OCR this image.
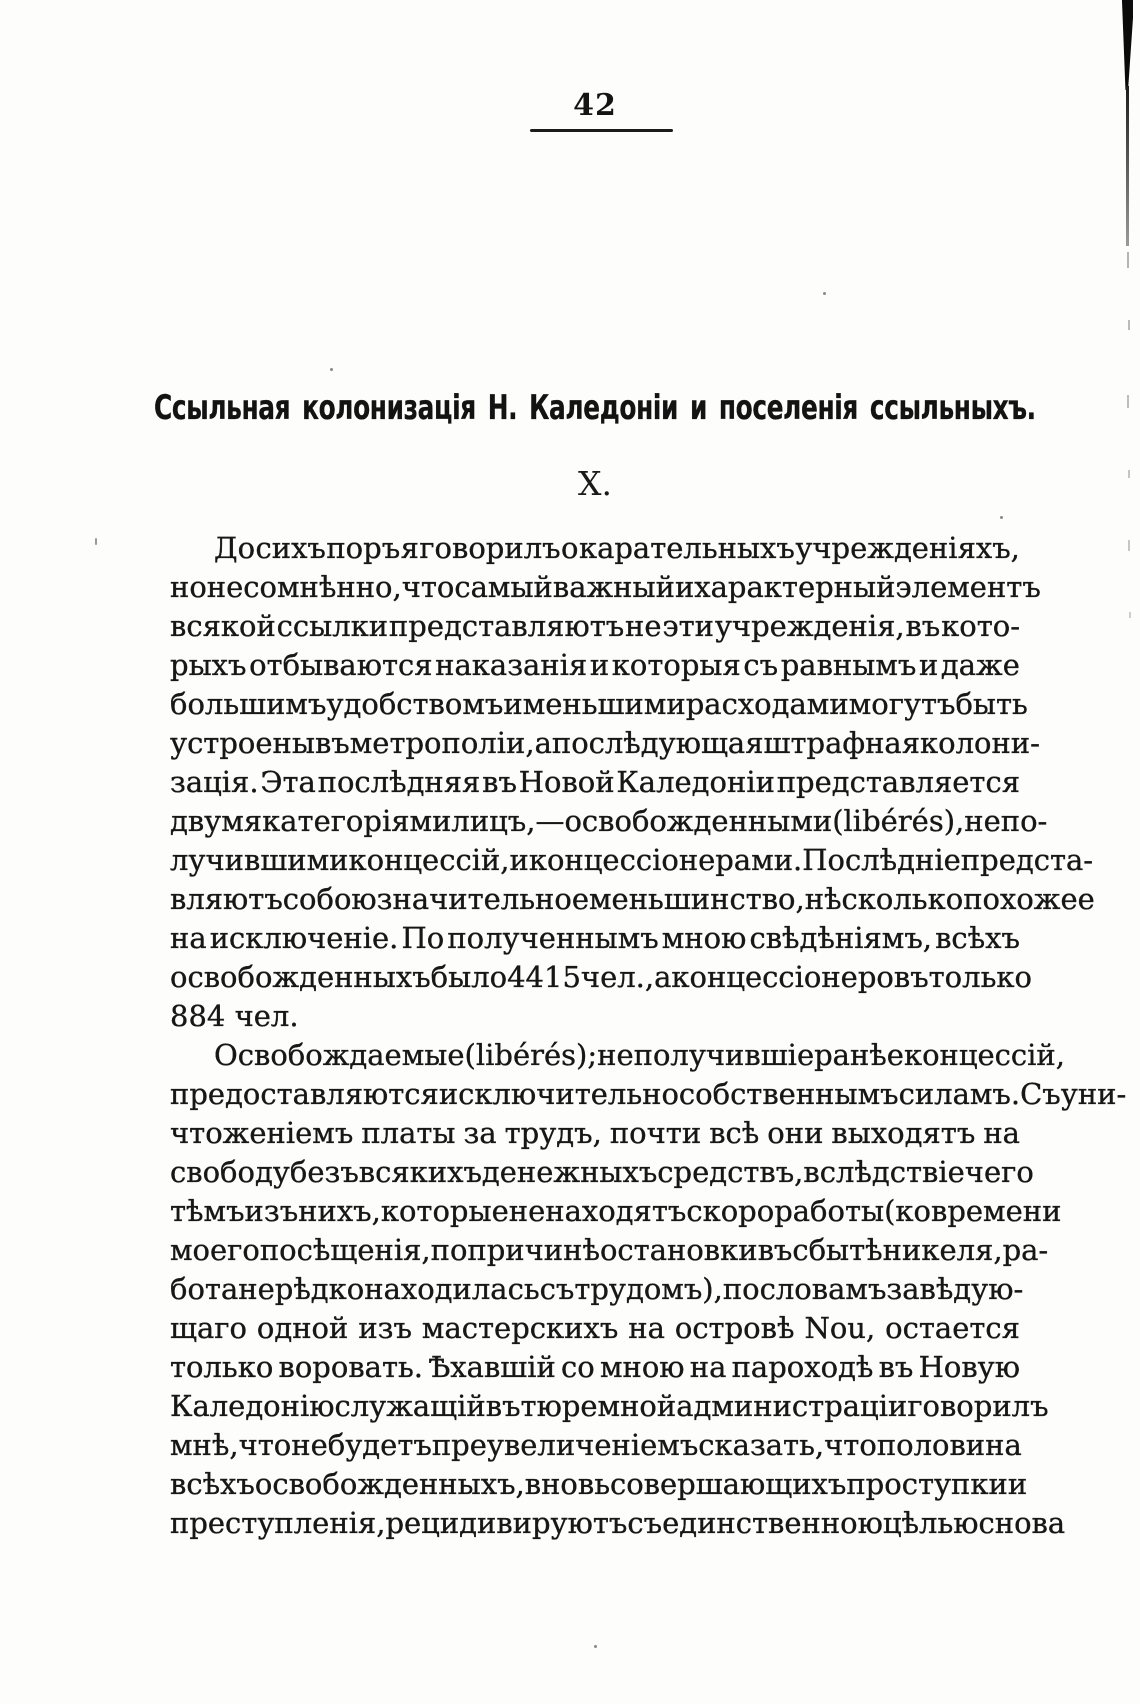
42
Ссыльная колонизація Н. Каледоніи и поселенія ссыльныхъ.
X.
До сихъ поръ я говорилъ о карательныхъ учрежденіяхъ,
но несомнѣнно, что самый важный и характерный элементъ
всякой ссылки представляютъ не эти учрежденія, въ кото-
рыхъ отбываются наказанія и которыя съ равнымъ и даже
большимъ удобствомъ и меньшими расходами могутъ быть
устроены въ метрополіи, а послѣдующая штрафная колони-
зація. Эта послѣдняя въ Новой Каледоніи представляется
двумя категоріями лицъ,—освобожденными (libérés), не по-
лучившими концессій, и концессіонерами. Послѣдніе предста-
вляютъ собою значительное меньшинство, нѣсколько похожее
на исключеніе. По полученнымъ мною свѣдѣніямъ, всѣхъ
освобожденныхъ было 4415 чел., а концессіонеровъ только
884 чел.
Освобождаемые (libérés); не получившіе ранѣе концессій,
предоставляются исключительно собственнымъ силамъ. Съ уни-
чтоженіемъ платы за трудъ, почти всѣ они выходятъ на
свободу безъ всякихъ денежныхъ средствъ, вслѣдствіе чего
тѣмъ изъ нихъ, которые не находятъ скоро работы (ко времени
моего посѣщенія, по причинѣ остановки въ сбытѣ никеля, ра-
бота нерѣдко находилась съ трудомъ), по словамъ завѣдую-
щаго одной изъ мастерскихъ на островѣ Nou, остается
только воровать. Ѣхавшій со мною на пароходѣ въ Новую
Каледонію служащій въ тюремной администраціи говорилъ
мнѣ, что не будетъ преувеличеніемъ сказать, что половина
всѣхъ освобожденныхъ, вновь совершающихъ проступки и
преступленія, рецидивируютъ съ единственною цѣлью снова
